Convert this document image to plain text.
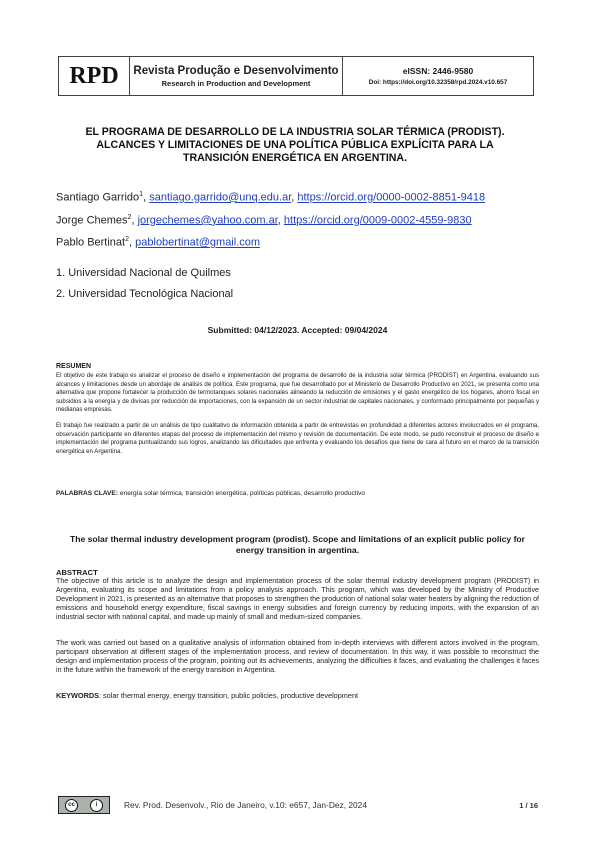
RPD	Revista Produção e Desenvolvimento
Research in Production and Development
eISSN: 2446-9580
Doi: https://doi.org/10.32358/rpd.2024.v10.657
EL PROGRAMA DE DESARROLLO DE LA INDUSTRIA SOLAR TÉRMICA (PRODIST). ALCANCES Y LIMITACIONES DE UNA POLÍTICA PÚBLICA EXPLÍCITA PARA LA TRANSICIÓN ENERGÉTICA EN ARGENTINA.
Santiago Garrido$^1$, santiago.garrido@unq.edu.ar, https://orcid.org/0000-0002-8851-9418
Jorge Chemes$^2$, jorgechemes@yahoo.com.ar, https://orcid.org/0009-0002-4559-9830
Pablo Bertinat$^2$, pablobertinat@gmail.com
1. Universidad Nacional de Quilmes
2. Universidad Tecnológica Nacional
Submitted: 04/12/2023. Accepted: 09/04/2024
RESUMEN

El objetivo de este trabajo es analizar el proceso de diseño e implementación del programa de desarrollo de la industria solar térmica (PRODIST) en Argentina, evaluando sus alcances y limitaciones desde un abordaje de análisis de política. Este programa, que fue desarrollado por el Ministerio de Desarrollo Productivo en 2021, se presenta como una alternativa que propone fortalecer la producción de termotanques solares nacionales alineando la reducción de emisiones y el gasto energético de los hogares, ahorro fiscal en subsidios a la energía y de divisas por reducción de importaciones, con la expansión de un sector industrial de capitales nacionales, y conformado principalmente por pequeñas y medianas empresas.

El trabajo fue realizado a partir de un análisis de tipo cualitativo de información obtenida a partir de entrevistas en profundidad a diferentes actores involucrados en el programa, observación participante en diferentes etapas del proceso de implementación del mismo y revisión de documentación. De este modo, se pudo reconstruir el proceso de diseño e implementación del programa puntualizando sus logros, analizando las dificultades que enfrenta y evaluando los desafíos que tiene de cara al futuro en el marco de la transición energética en Argentina.

PALABRAS CLAVE: energía solar térmica, transición energética, políticas públicas, desarrollo productivo
The solar thermal industry development program (prodist). Scope and limitations of an explicit public policy for energy transition in argentina.
ABSTRACT

The objective of this article is to analyze the design and implementation process of the solar thermal industry development program (PRODIST) in Argentina, evaluating its scope and limitations from a policy analysis approach. This program, which was developed by the Ministry of Productive Development in 2021, is presented as an alternative that proposes to strengthen the production of national solar water heaters by aligning the reduction of emissions and household energy expenditure, fiscal savings in energy subsidies and foreign currency by reducing imports, with the expansion of an industrial sector with national capital, and made up mainly of small and medium-sized companies.

The work was carried out based on a qualitative analysis of information obtained from in-depth interviews with different actors involved in the program, participant observation at different stages of the implementation process, and review of documentation. In this way, it was possible to reconstruct the design and implementation process of the program, pointing out its achievements, analyzing the difficulties it faces, and evaluating the challenges it faces in the future within the framework of the energy transition in Argentina.

KEYWORDS: solar thermal energy, energy transition, public policies, productive development
cc	i	Rev. Prod. Desenvolv., Rio de Janeiro, v.10: e657, Jan-Dez, 2024	1 / 16
